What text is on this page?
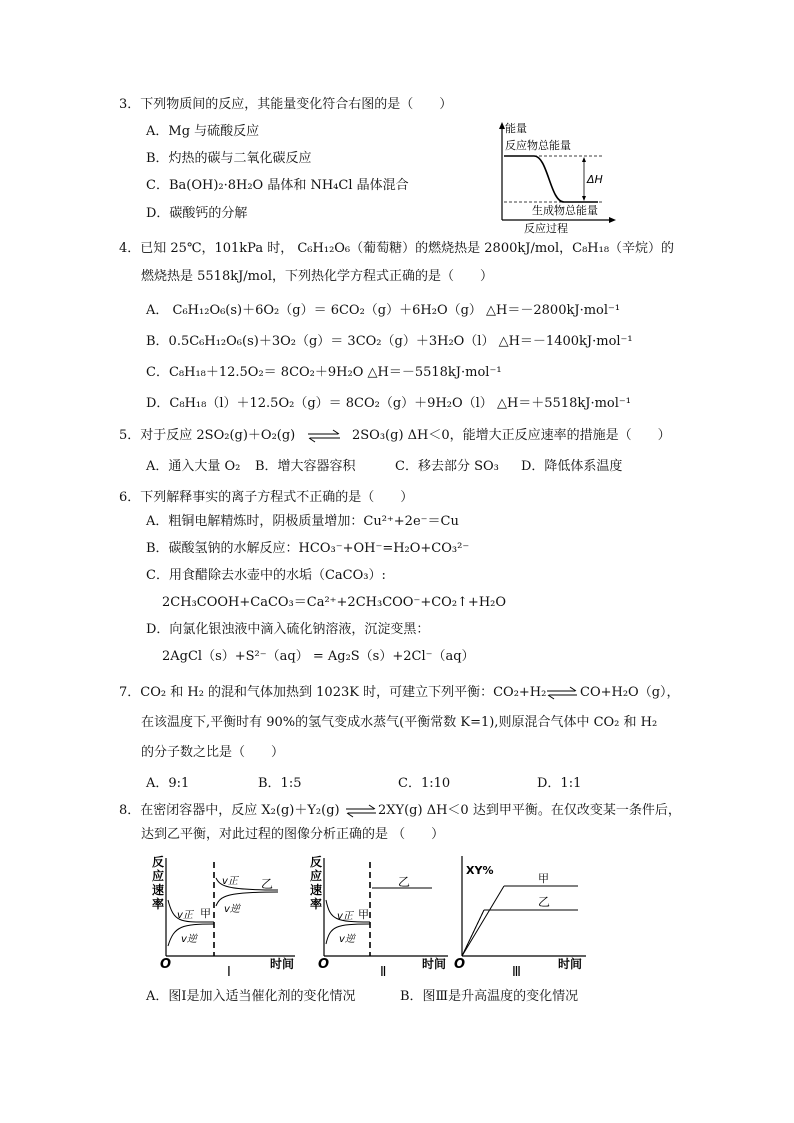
3．下列物质间的反应，其能量变化符合右图的是（　　）
A．Mg 与硫酸反应
B．灼热的碳与二氧化碳反应
C．Ba(OH)₂·8H₂O 晶体和 NH₄Cl 晶体混合
D．碳酸钙的分解
能量
反应物总能量
ΔH
生成物总能量
反应过程
4．已知 25℃，101kPa 时， C₆H₁₂O₆（葡萄糖）的燃烧热是 2800kJ/mol，C₈H₁₈（辛烷）的
燃烧热是 5518kJ/mol，下列热化学方程式正确的是（　　）
A． C₆H₁₂O₆(s)＋6O₂（g）＝ 6CO₂（g）＋6H₂O（g） △H＝－2800kJ·mol⁻¹
B．0.5C₆H₁₂O₆(s)＋3O₂（g）＝ 3CO₂（g）＋3H₂O（l） △H＝－1400kJ·mol⁻¹
C．C₈H₁₈＋12.5O₂＝ 8CO₂＋9H₂O △H＝－5518kJ·mol⁻¹
D．C₈H₁₈（l）＋12.5O₂（g）＝ 8CO₂（g）＋9H₂O（l） △H＝＋5518kJ·mol⁻¹
5．对于反应 2SO₂(g)＋O₂(g) ⇌ 2SO₃(g) ΔH＜0，能增大正反应速率的措施是（　　）
A．通入大量 O₂ B．增大容器容积	C．移去部分 SO₃ D．降低体系温度
6．下列解释事实的离子方程式不正确的是（　　）
A．粗铜电解精炼时，阴极质量增加：Cu²⁺+2e⁻＝Cu
B．碳酸氢钠的水解反应：HCO₃⁻+OH⁻=H₂O+CO₃²⁻
C．用食醋除去水壶中的水垢（CaCO₃）:
2CH₃COOH+CaCO₃＝Ca²⁺+2CH₃COO⁻+CO₂↑+H₂O
D．向氯化银浊液中滴入硫化钠溶液，沉淀变黑：
2AgCl（s）+S²⁻（aq） = Ag₂S（s）+2Cl⁻（aq）
7．CO₂ 和 H₂ 的混和气体加热到 1023K 时，可建立下列平衡：CO₂+H₂ ⇌ CO+H₂O（g），
在该温度下,平衡时有 90%的氢气变成水蒸气(平衡常数 K=1),则原混合气体中 CO₂ 和 H₂
的分子数之比是（　　）
A．9:1	B．1:5	C．1:10	D．1:1
8．在密闭容器中，反应 X₂(g)＋Y₂(g) ⇌ 2XY(g) ΔH＜0 达到甲平衡。在仅改变某一条件后，
达到乙平衡，对此过程的图像分析正确的是 （　　）
反
应
速
率
v正
v逆
甲
v正
v逆
乙
O	时间
Ⅰ
反
应
速
率
v正
v逆
甲
乙
O	时间
Ⅱ
XY%
甲
乙
O	时间
Ⅲ
A．图Ⅰ是加入适当催化剂的变化情况	B．图Ⅲ是升高温度的变化情况
